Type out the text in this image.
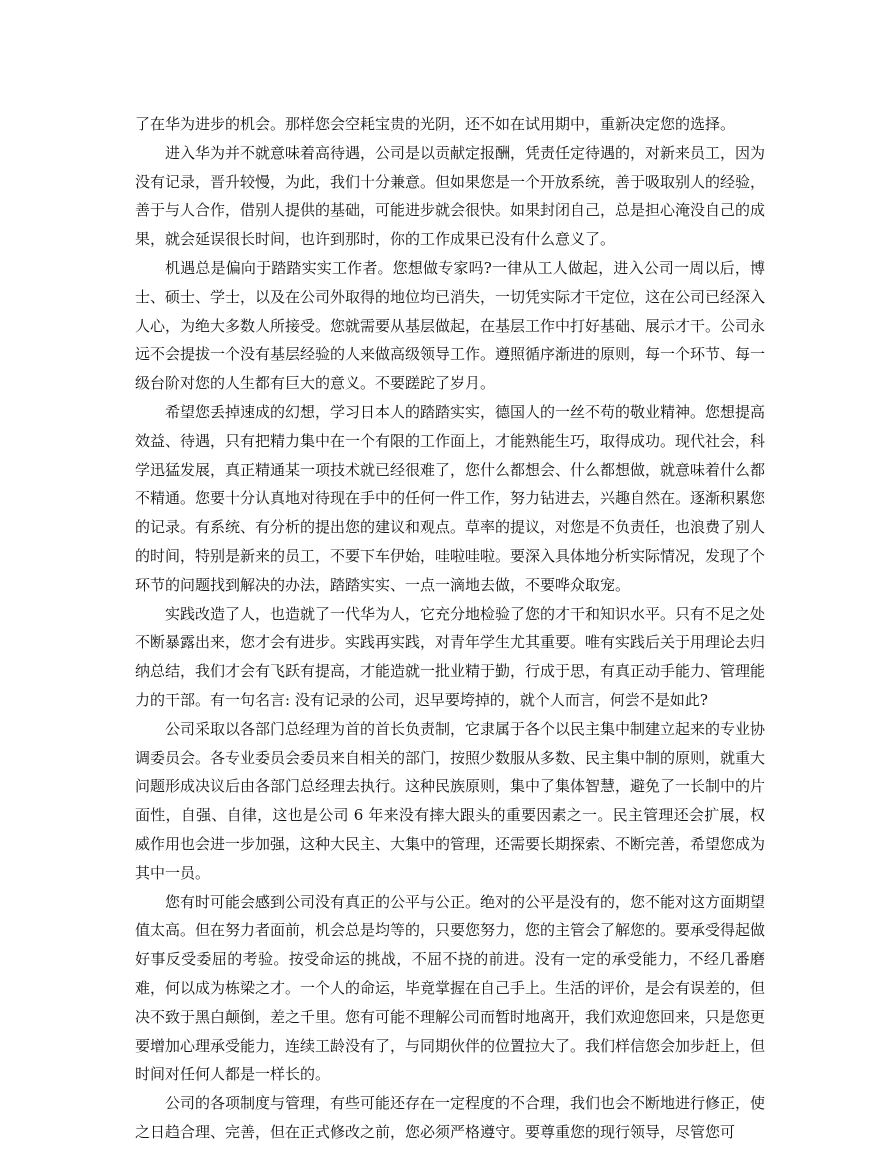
了在华为进步的机会。那样您会空耗宝贵的光阴，还不如在试用期中，重新决定您的选择。

进入华为并不就意味着高待遇，公司是以贡献定报酬，凭责任定待遇的，对新来员工，因为没有记录，晋升较慢，为此，我们十分兼意。但如果您是一个开放系统，善于吸取别人的经验，善于与人合作，借别人提供的基础，可能进步就会很快。如果封闭自己，总是担心淹没自己的成果，就会延误很长时间，也许到那时，你的工作成果已没有什么意义了。

机遇总是偏向于踏踏实实工作者。您想做专家吗?一律从工人做起，进入公司一周以后，博士、硕士、学士，以及在公司外取得的地位均已消失，一切凭实际才干定位，这在公司已经深入人心，为绝大多数人所接受。您就需要从基层做起，在基层工作中打好基础、展示才干。公司永远不会提拔一个没有基层经验的人来做高级领导工作。遵照循序渐进的原则，每一个环节、每一级台阶对您的人生都有巨大的意义。不要蹉跎了岁月。

希望您丢掉速成的幻想，学习日本人的踏踏实实，德国人的一丝不苟的敬业精神。您想提高效益、待遇，只有把精力集中在一个有限的工作面上，才能熟能生巧，取得成功。现代社会，科学迅猛发展，真正精通某一项技术就已经很难了，您什么都想会、什么都想做，就意味着什么都不精通。您要十分认真地对待现在手中的任何一件工作，努力钻进去，兴趣自然在。逐渐积累您的记录。有系统、有分析的提出您的建议和观点。草率的提议，对您是不负责任，也浪费了别人的时间，特别是新来的员工，不要下车伊始，哇啦哇啦。要深入具体地分析实际情况，发现了个环节的问题找到解决的办法，踏踏实实、一点一滴地去做，不要哗众取宠。

实践改造了人，也造就了一代华为人，它充分地检验了您的才干和知识水平。只有不足之处不断暴露出来，您才会有进步。实践再实践，对青年学生尤其重要。唯有实践后关于用理论去归纳总结，我们才会有飞跃有提高，才能造就一批业精于勤，行成于思，有真正动手能力、管理能力的干部。有一句名言: 没有记录的公司，迟早要垮掉的，就个人而言，何尝不是如此?

公司采取以各部门总经理为首的首长负责制，它隶属于各个以民主集中制建立起来的专业协调委员会。各专业委员会委员来自相关的部门，按照少数服从多数、民主集中制的原则，就重大问题形成决议后由各部门总经理去执行。这种民族原则，集中了集体智慧，避免了一长制中的片面性，自强、自律，这也是公司 6 年来没有摔大跟头的重要因素之一。民主管理还会扩展，权威作用也会进一步加强，这种大民主、大集中的管理，还需要长期探索、不断完善，希望您成为其中一员。

您有时可能会感到公司没有真正的公平与公正。绝对的公平是没有的，您不能对这方面期望值太高。但在努力者面前，机会总是均等的，只要您努力，您的主管会了解您的。要承受得起做好事反受委屈的考验。按受命运的挑战，不屈不挠的前进。没有一定的承受能力，不经几番磨难，何以成为栋梁之才。一个人的命运，毕竟掌握在自己手上。生活的评价，是会有误差的，但决不致于黑白颠倒，差之千里。您有可能不理解公司而暂时地离开，我们欢迎您回来，只是您更要增加心理承受能力，连续工龄没有了，与同期伙伴的位置拉大了。我们样信您会加步赶上，但时间对任何人都是一样长的。

公司的各项制度与管理，有些可能还存在一定程度的不合理，我们也会不断地进行修正，使之日趋合理、完善，但在正式修改之前，您必须严格遵守。要尊重您的现行领导，尽管您可
